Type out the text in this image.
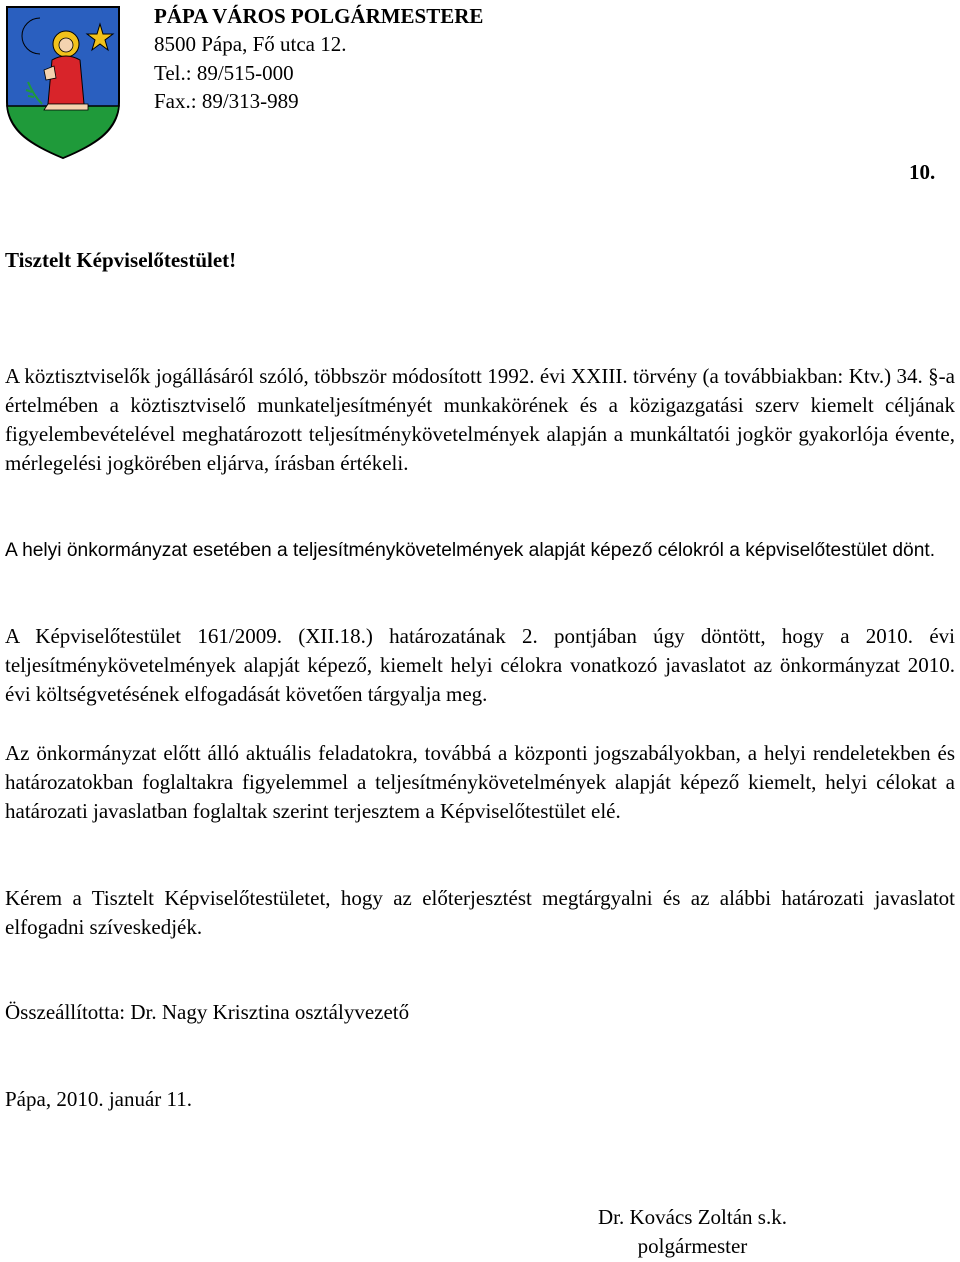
PÁPA VÁROS POLGÁRMESTERE
8500 Pápa, Fő utca 12.
Tel.: 89/515-000
Fax.: 89/313-989
10.
Tisztelt Képviselőtestület!
A köztisztviselők jogállásáról szóló, többször módosított 1992. évi XXIII. törvény (a továbbiakban: Ktv.) 34. §-a értelmében a köztisztviselő munkateljesítményét munkakörének és a közigazgatási szerv kiemelt céljának figyelembevételével meghatározott teljesítménykövetelmények alapján a munkáltatói jogkör gyakorlója évente, mérlegelési jogkörében eljárva, írásban értékeli.
A helyi önkormányzat esetében a teljesítménykövetelmények alapját képező célokról a képviselőtestület dönt.
A Képviselőtestület 161/2009. (XII.18.) határozatának 2. pontjában úgy döntött, hogy a 2010. évi teljesítménykövetelmények alapját képező, kiemelt helyi célokra vonatkozó javaslatot az önkormányzat 2010. évi költségvetésének elfogadását követően tárgyalja meg.
Az önkormányzat előtt álló aktuális feladatokra, továbbá a központi jogszabályokban, a helyi rendeletekben és határozatokban foglaltakra figyelemmel a teljesítménykövetelmények alapját képező kiemelt, helyi célokat a határozati javaslatban foglaltak szerint terjesztem a Képviselőtestület elé.
Kérem a Tisztelt Képviselőtestületet, hogy az előterjesztést megtárgyalni és az alábbi határozati javaslatot elfogadni szíveskedjék.
Összeállította: Dr. Nagy Krisztina osztályvezető
Pápa, 2010. január 11.
Dr. Kovács Zoltán s.k.
polgármester
